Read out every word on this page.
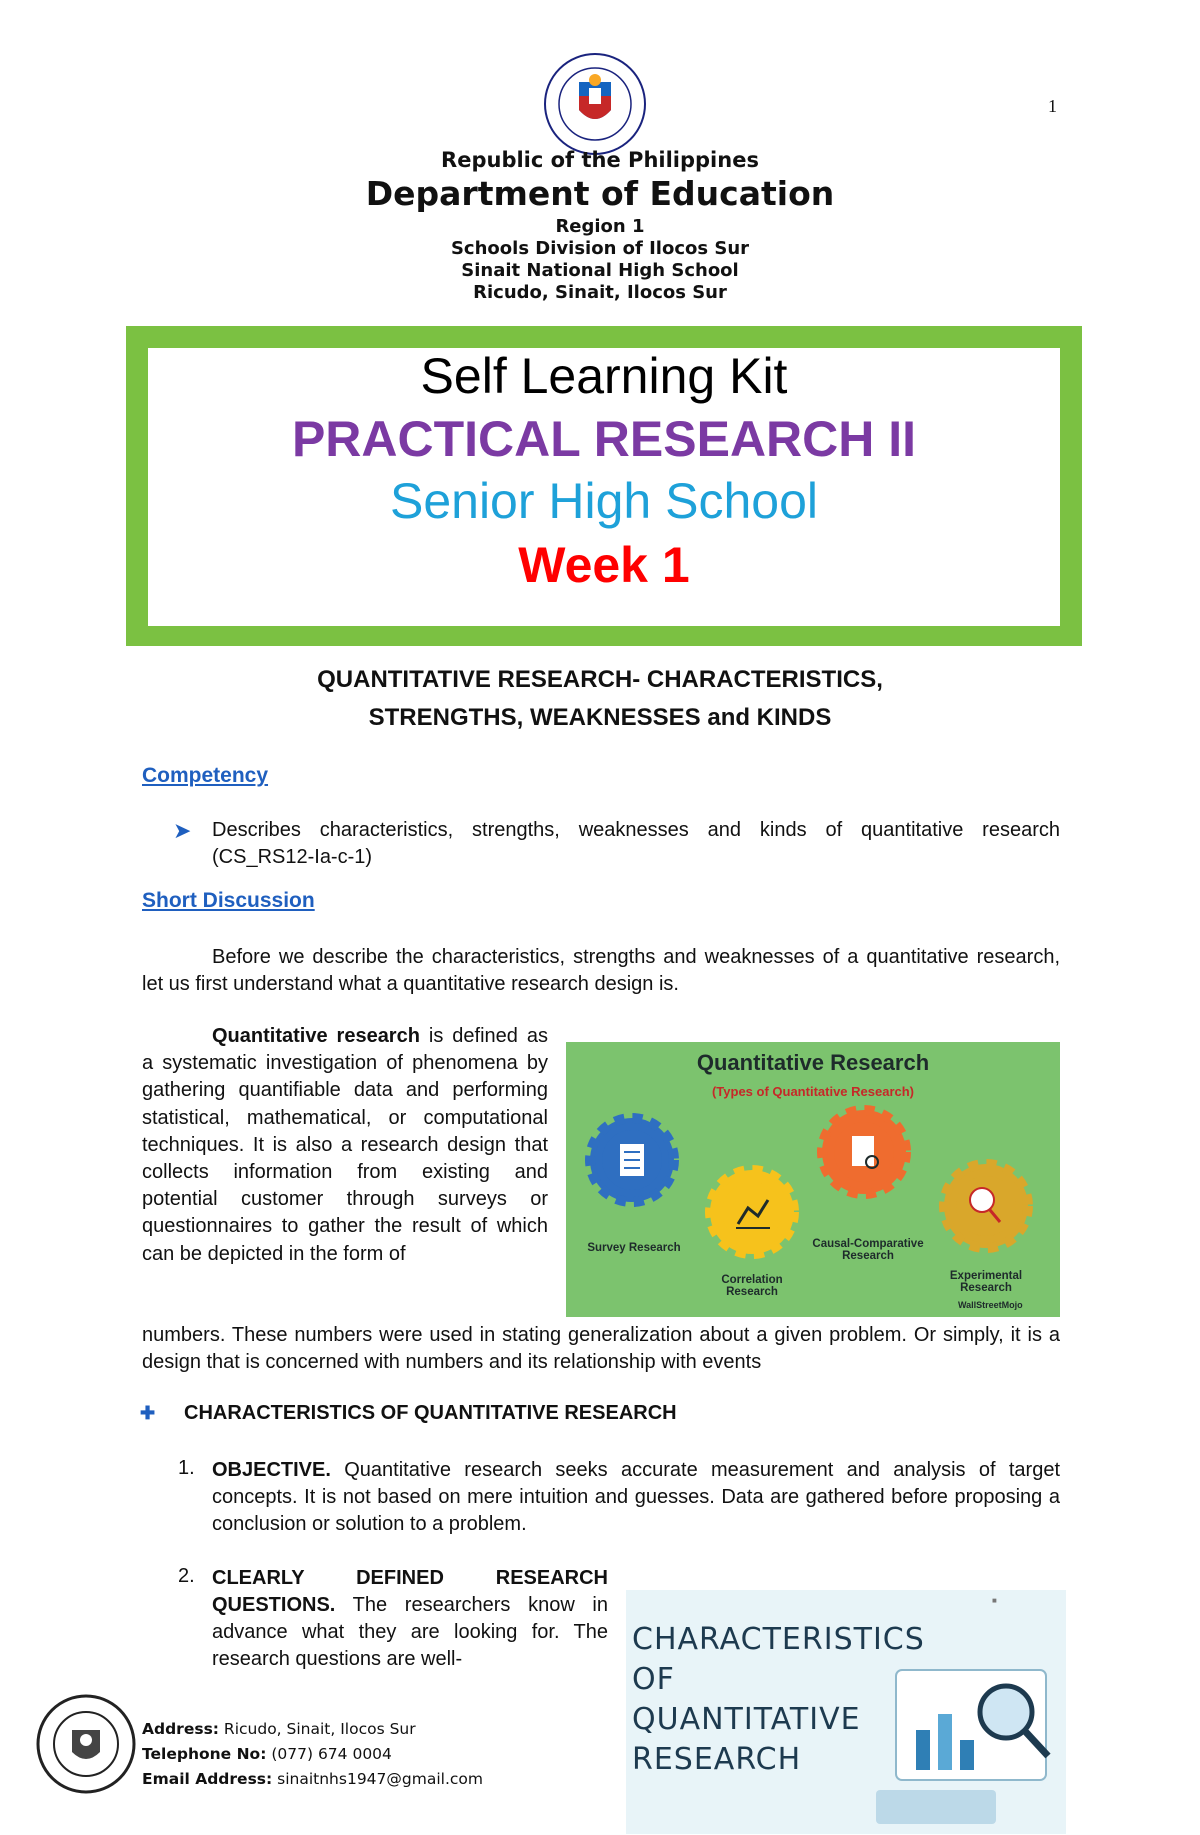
1
Republic of the Philippines
Department of Education
Region 1
Schools Division of Ilocos Sur
Sinait National High School
Ricudo, Sinait, Ilocos Sur
Self Learning Kit
PRACTICAL RESEARCH II
Senior High School
Week 1
QUANTITATIVE RESEARCH- CHARACTERISTICS,
STRENGTHS, WEAKNESSES and KINDS
Competency
➤ Describes characteristics, strengths, weaknesses and kinds of quantitative research (CS_RS12-Ia-c-1)
Short Discussion
Before we describe the characteristics, strengths and weaknesses of a quantitative research, let us first understand what a quantitative research design is.
Quantitative research is defined as a systematic investigation of phenomena by gathering quantifiable data and performing statistical, mathematical, or computational techniques. It is also a research design that collects information from existing and potential customer through surveys or questionnaires to gather the result of which can be depicted in the form of
numbers. These numbers were used in stating generalization about a given problem. Or simply, it is a design that is concerned with numbers and its relationship with events
Quantitative Research
(Types of Quantitative Research)
Survey Research
Correlation Research
Causal-Comparative Research
Experimental Research
WallStreetMojo
✚ CHARACTERISTICS OF QUANTITATIVE RESEARCH
1. OBJECTIVE. Quantitative research seeks accurate measurement and analysis of target concepts. It is not based on mere intuition and guesses. Data are gathered before proposing a conclusion or solution to a problem.
2. CLEARLY DEFINED RESEARCH QUESTIONS. The researchers know in advance what they are looking for. The research questions are well-
■
CHARACTERISTICS
OF
QUANTITATIVE
RESEARCH
Address: Ricudo, Sinait, Ilocos Sur
Telephone No: (077) 674 0004
Email Address: sinaitnhs1947@gmail.com
